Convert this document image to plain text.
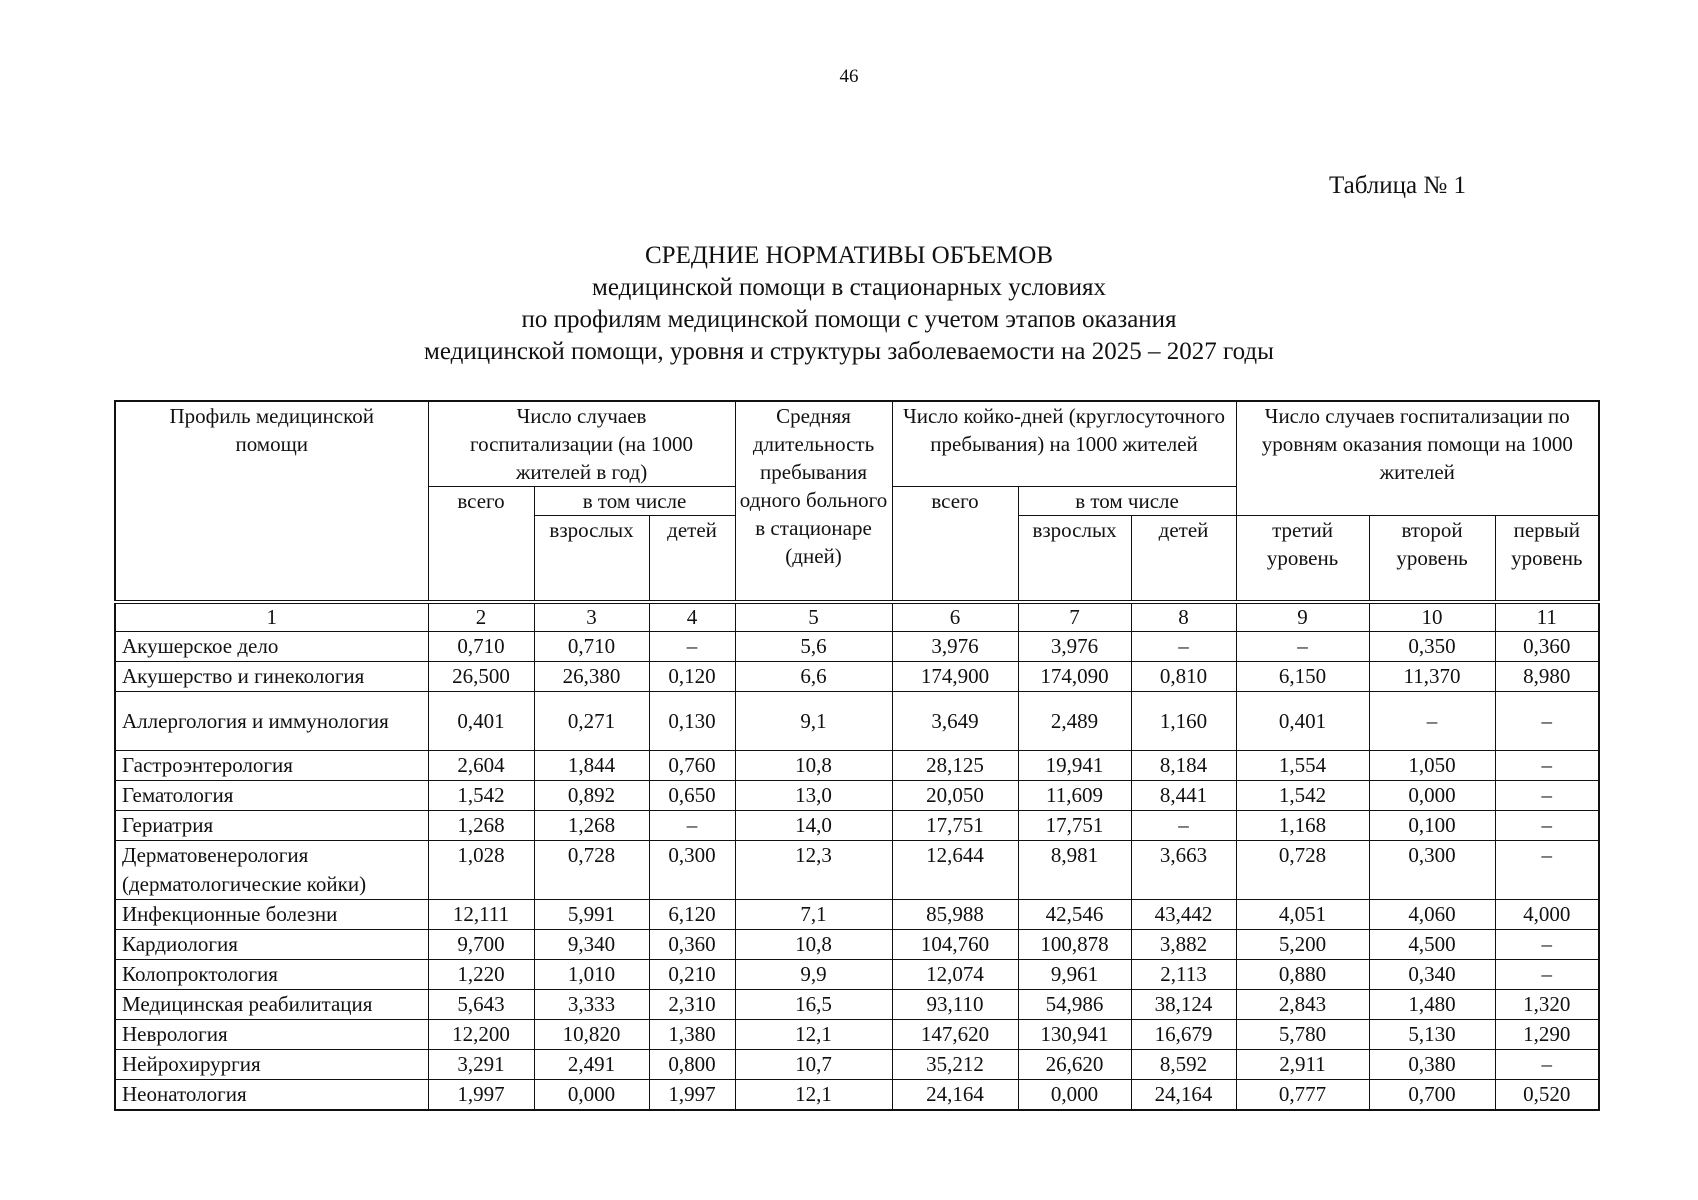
46
Таблица № 1
СРЕДНИЕ НОРМАТИВЫ ОБЪЕМОВ
медицинской помощи в стационарных условиях
по профилям медицинской помощи с учетом этапов оказания
медицинской помощи, уровня и структуры заболеваемости на 2025 – 2027 годы
Профиль медицинской помощи	Число случаев госпитализации (на 1000 жителей в год)			Средняя длительность пребывания одного больного в стационаре (дней)	Число койко-дней (круглосуточного пребывания) на 1000 жителей			Число случаев госпитализации по уровням оказания помощи на 1000 жителей		
	всего	в том числе			всего	в том числе				
		взрослых	детей			взрослых	детей	третий уровень	второй уровень	первый уровень
1	2	3	4	5	6	7	8	9	10	11
Акушерское дело	0,710	0,710	–	5,6	3,976	3,976	–	–	0,350	0,360
Акушерство и гинекология	26,500	26,380	0,120	6,6	174,900	174,090	0,810	6,150	11,370	8,980
Аллергология и иммунология	0,401	0,271	0,130	9,1	3,649	2,489	1,160	0,401	–	–
Гастроэнтерология	2,604	1,844	0,760	10,8	28,125	19,941	8,184	1,554	1,050	–
Гематология	1,542	0,892	0,650	13,0	20,050	11,609	8,441	1,542	0,000	–
Гериатрия	1,268	1,268	–	14,0	17,751	17,751	–	1,168	0,100	–
Дерматовенерология (дерматологические койки)	1,028	0,728	0,300	12,3	12,644	8,981	3,663	0,728	0,300	–
Инфекционные болезни	12,111	5,991	6,120	7,1	85,988	42,546	43,442	4,051	4,060	4,000
Кардиология	9,700	9,340	0,360	10,8	104,760	100,878	3,882	5,200	4,500	–
Колопроктология	1,220	1,010	0,210	9,9	12,074	9,961	2,113	0,880	0,340	–
Медицинская реабилитация	5,643	3,333	2,310	16,5	93,110	54,986	38,124	2,843	1,480	1,320
Неврология	12,200	10,820	1,380	12,1	147,620	130,941	16,679	5,780	5,130	1,290
Нейрохирургия	3,291	2,491	0,800	10,7	35,212	26,620	8,592	2,911	0,380	–
Неонатология	1,997	0,000	1,997	12,1	24,164	0,000	24,164	0,777	0,700	0,520
